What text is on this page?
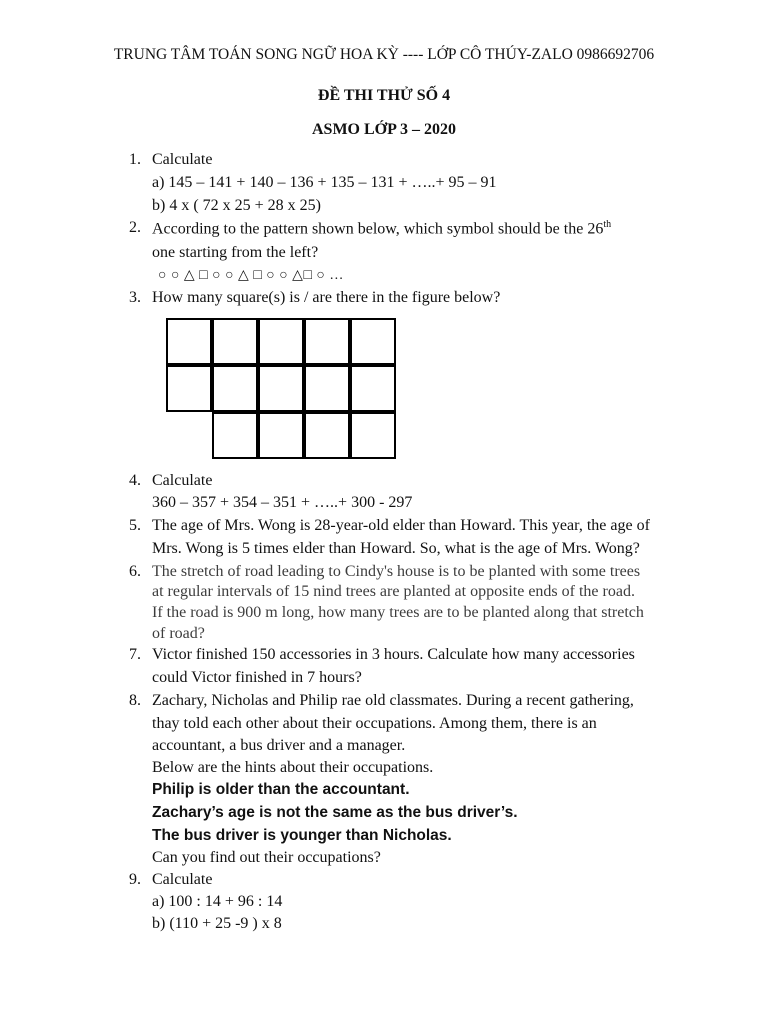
TRUNG TÂM TOÁN SONG NGỮ HOA KỲ ---- LỚP CÔ THÚY-ZALO 0986692706
ĐỀ THI THỬ SỐ 4
ASMO LỚP 3 – 2020
1. Calculate
a) 145 – 141 + 140 – 136 + 135 – 131 + …..+ 95 – 91
b) 4 x ( 72 x 25 + 28 x 25)
2. According to the pattern shown below, which symbol should be the 26th
one starting from the left?
○ ○ △ □ ○ ○ △ □ ○ ○ △□ ○ …
3. How many square(s) is / are there in the figure below?
4. Calculate
360 – 357 + 354 – 351 + …..+ 300 - 297
5. The age of Mrs. Wong is 28-year-old elder than Howard. This year, the age of
Mrs. Wong is 5 times elder than Howard. So, what is the age of Mrs. Wong?
6. The stretch of road leading to Cindy's house is to be planted with some trees
at regular intervals of 15 nind trees are planted at opposite ends of the road.
If the road is 900 m long, how many trees are to be planted along that stretch
of road?
7. Victor finished 150 accessories in 3 hours. Calculate how many accessories
could Victor finished in 7 hours?
8. Zachary, Nicholas and Philip rae old classmates. During a recent gathering,
thay told each other about their occupations. Among them, there is an
accountant, a bus driver and a manager.
Below are the hints about their occupations.
Philip is older than the accountant.
Zachary’s age is not the same as the bus driver’s.
The bus driver is younger than Nicholas.
Can you find out their occupations?
9. Calculate
a) 100 : 14 + 96 : 14
b) (110 + 25 -9 ) x 8
